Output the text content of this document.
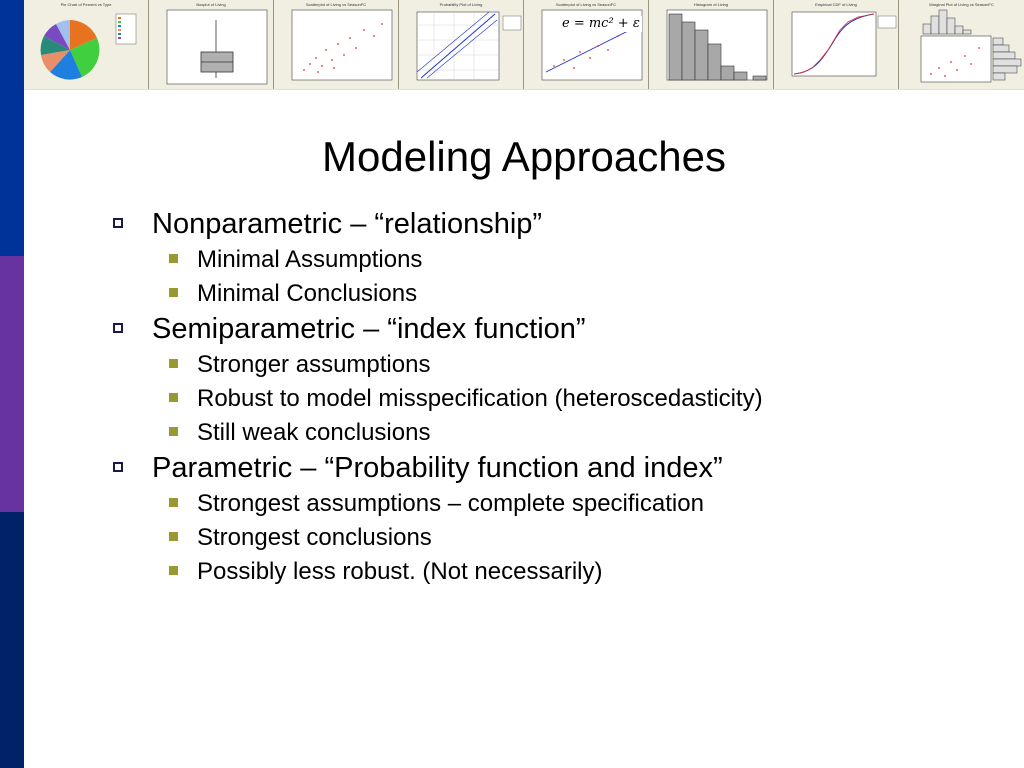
Pie Chart of Percent vs Type	Boxplot of Living	Scatterplot of Living vs SeasonFC	Probability Plot of Living	Scatterplot of Living vs SeasonFC
e = mc² + ε
Histogram of Living	Empirical CDF of Living	Marginal Plot of Living vs SeasonFC
Modeling Approaches
Nonparametric – “relationship”
Minimal Assumptions
Minimal Conclusions
Semiparametric – “index function”
Stronger assumptions
Robust to model misspecification (heteroscedasticity)
Still weak conclusions
Parametric – “Probability function and index”
Strongest assumptions – complete specification
Strongest conclusions
Possibly less robust. (Not necessarily)
